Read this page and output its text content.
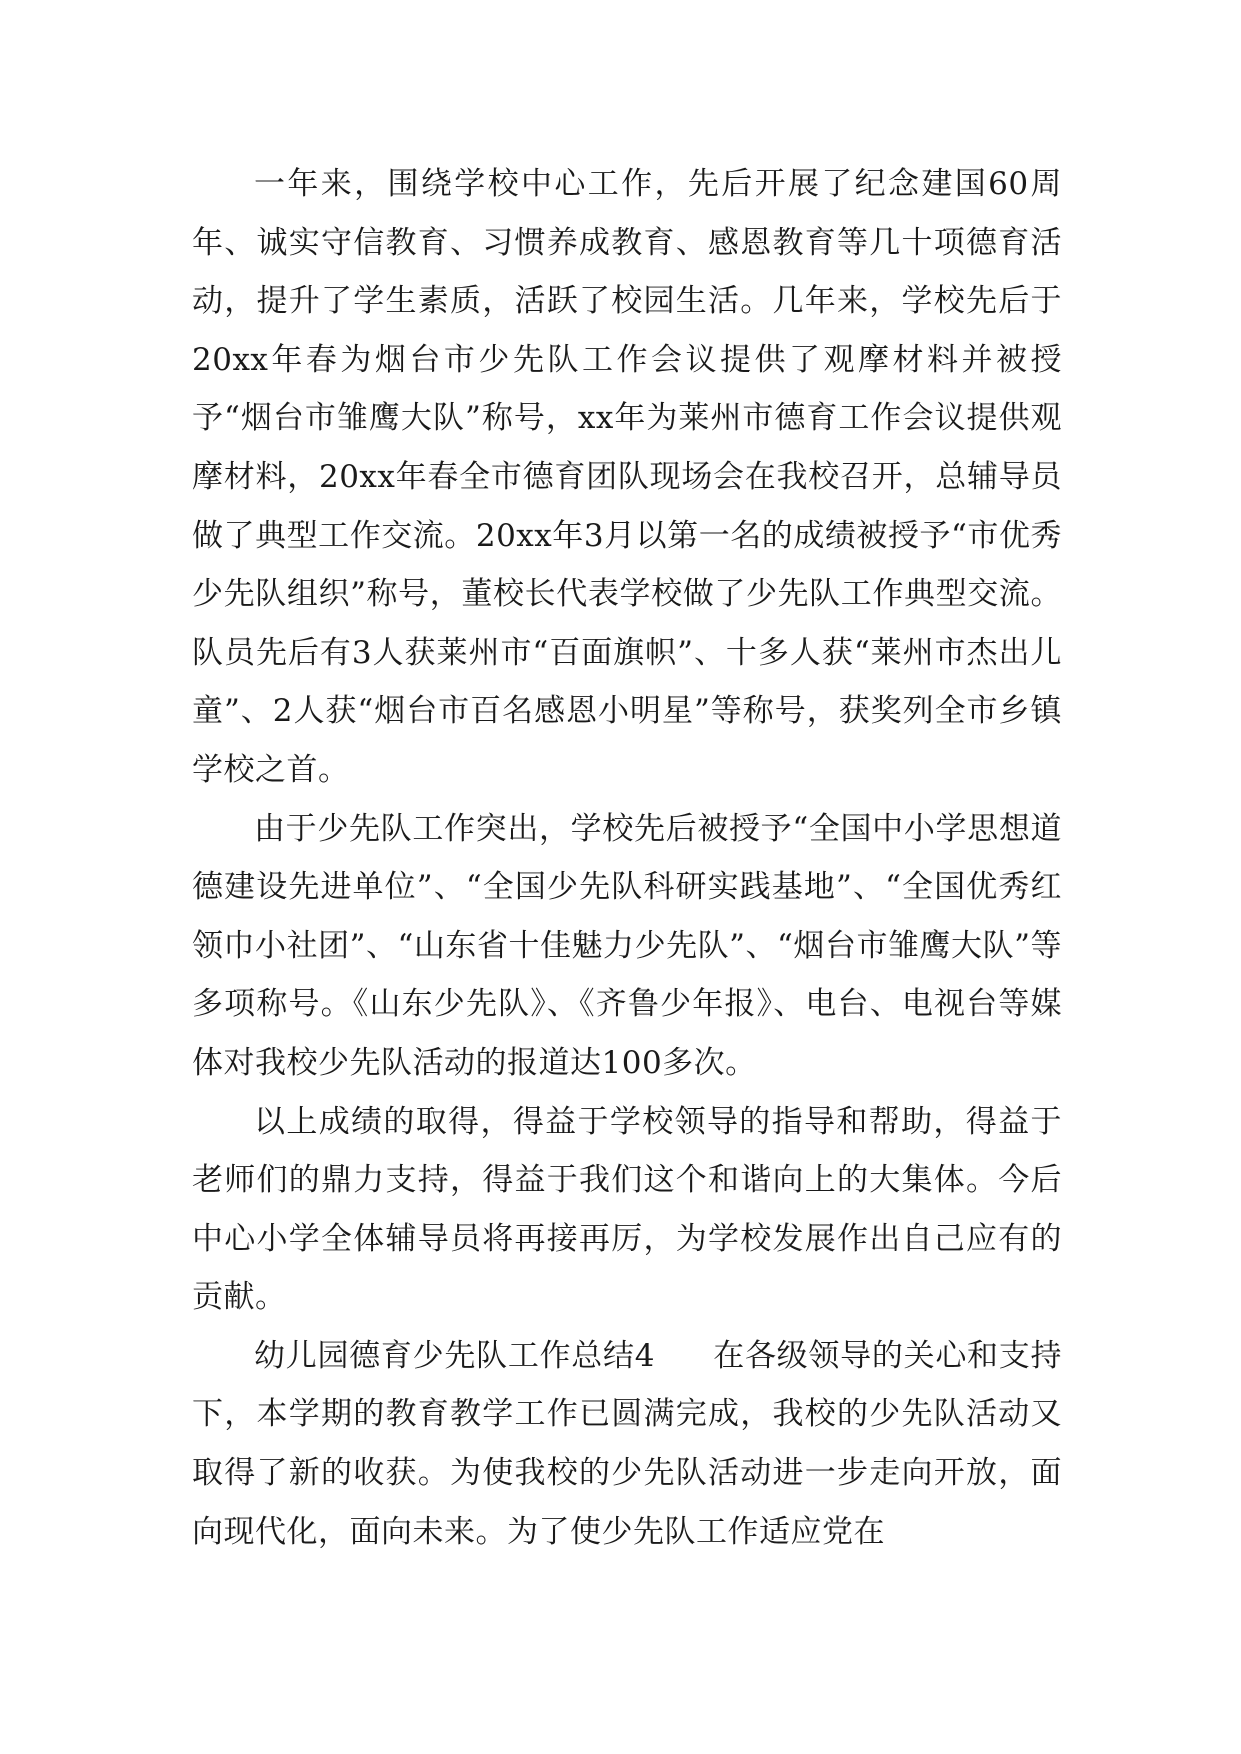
一年来，围绕学校中心工作，先后开展了纪念建国60周年、诚实守信教育、习惯养成教育、感恩教育等几十项德育活动，提升了学生素质，活跃了校园生活。几年来，学校先后于20xx年春为烟台市少先队工作会议提供了观摩材料并被授予“烟台市雏鹰大队”称号，xx年为莱州市德育工作会议提供观摩材料，20xx年春全市德育团队现场会在我校召开，总辅导员做了典型工作交流。20xx年3月以第一名的成绩被授予“市优秀少先队组织”称号，董校长代表学校做了少先队工作典型交流。队员先后有3人获莱州市“百面旗帜”、十多人获“莱州市杰出儿童”、2人获“烟台市百名感恩小明星”等称号，获奖列全市乡镇学校之首。

由于少先队工作突出，学校先后被授予“全国中小学思想道德建设先进单位”、“全国少先队科研实践基地”、“全国优秀红领巾小社团”、“山东省十佳魅力少先队”、“烟台市雏鹰大队”等多项称号。《山东少先队》、《齐鲁少年报》、电台、电视台等媒体对我校少先队活动的报道达100多次。

以上成绩的取得，得益于学校领导的指导和帮助，得益于老师们的鼎力支持，得益于我们这个和谐向上的大集体。今后中心小学全体辅导员将再接再厉，为学校发展作出自己应有的贡献。

幼儿园德育少先队工作总结4 在各级领导的关心和支持下，本学期的教育教学工作已圆满完成，我校的少先队活动又取得了新的收获。为使我校的少先队活动进一步走向开放，面向现代化，面向未来。为了使少先队工作适应党在
